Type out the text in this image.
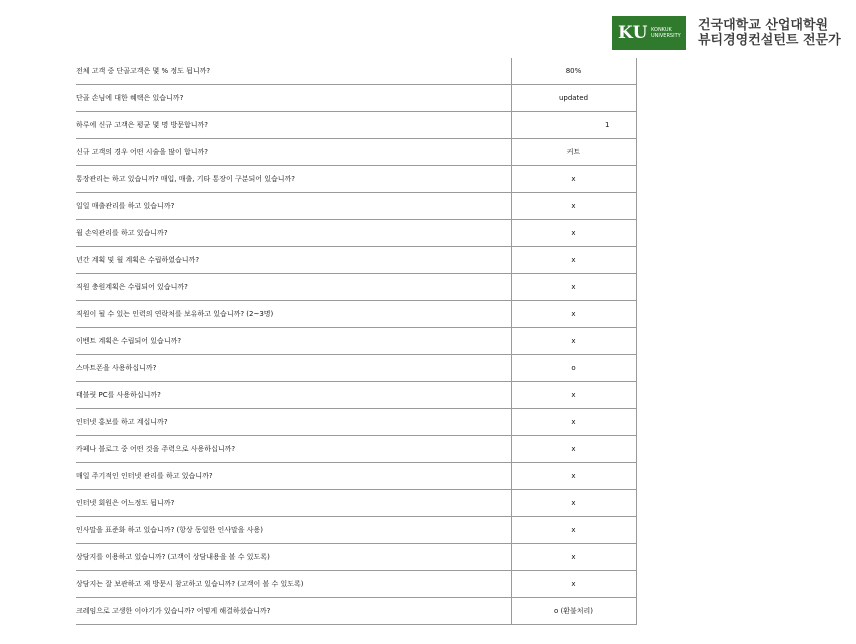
KU KONKUK UNIVERSITY
건국대학교 산업대학원
뷰티경영컨설턴트 전문가
전체 고객 중 단골고객은 몇 % 정도 됩니까?	80%
단골 손님에 대한 혜택은 있습니까?	updated
하루에 신규 고객은 평균 몇 명 방문합니까?	1
신규 고객의 경우 어떤 시술을 많이 합니까?	커트
통장관리는 하고 있습니까? 매입, 매출, 기타 통장이 구분되어 있습니까?	x
일일 매출관리를 하고 있습니까?	x
월 손익관리를 하고 있습니까?	x
년간 계획 및 월 계획은 수립하였습니까?	x
직원 충원계획은 수립되어 있습니까?	x
직원이 될 수 있는 인력의 연락처를 보유하고 있습니까? (2~3명)	x
이벤트 계획은 수립되어 있습니까?	x
스마트폰을 사용하십니까?	o
태블릿 PC를 사용하십니까?	x
인터넷 홍보를 하고 계십니까?	x
카페나 블로그 중 어떤 것을 주력으로 사용하십니까?	x
매일 주기적인 인터넷 관리를 하고 있습니까?	x
인터넷 회원은 어느정도 됩니까?	x
인사말을 표준화 하고 있습니까? (항상 동일한 인사말을 사용)	x
상담지를 이용하고 있습니까? (고객이 상담내용을 볼 수 있도록)	x
상담지는 잘 보관하고 재 방문시 참고하고 있습니까? (고객이 볼 수 있도록)	x
크레임으로 고생한 이야기가 있습니까? 어떻게 해결하셨습니까?	o (환불처리)
